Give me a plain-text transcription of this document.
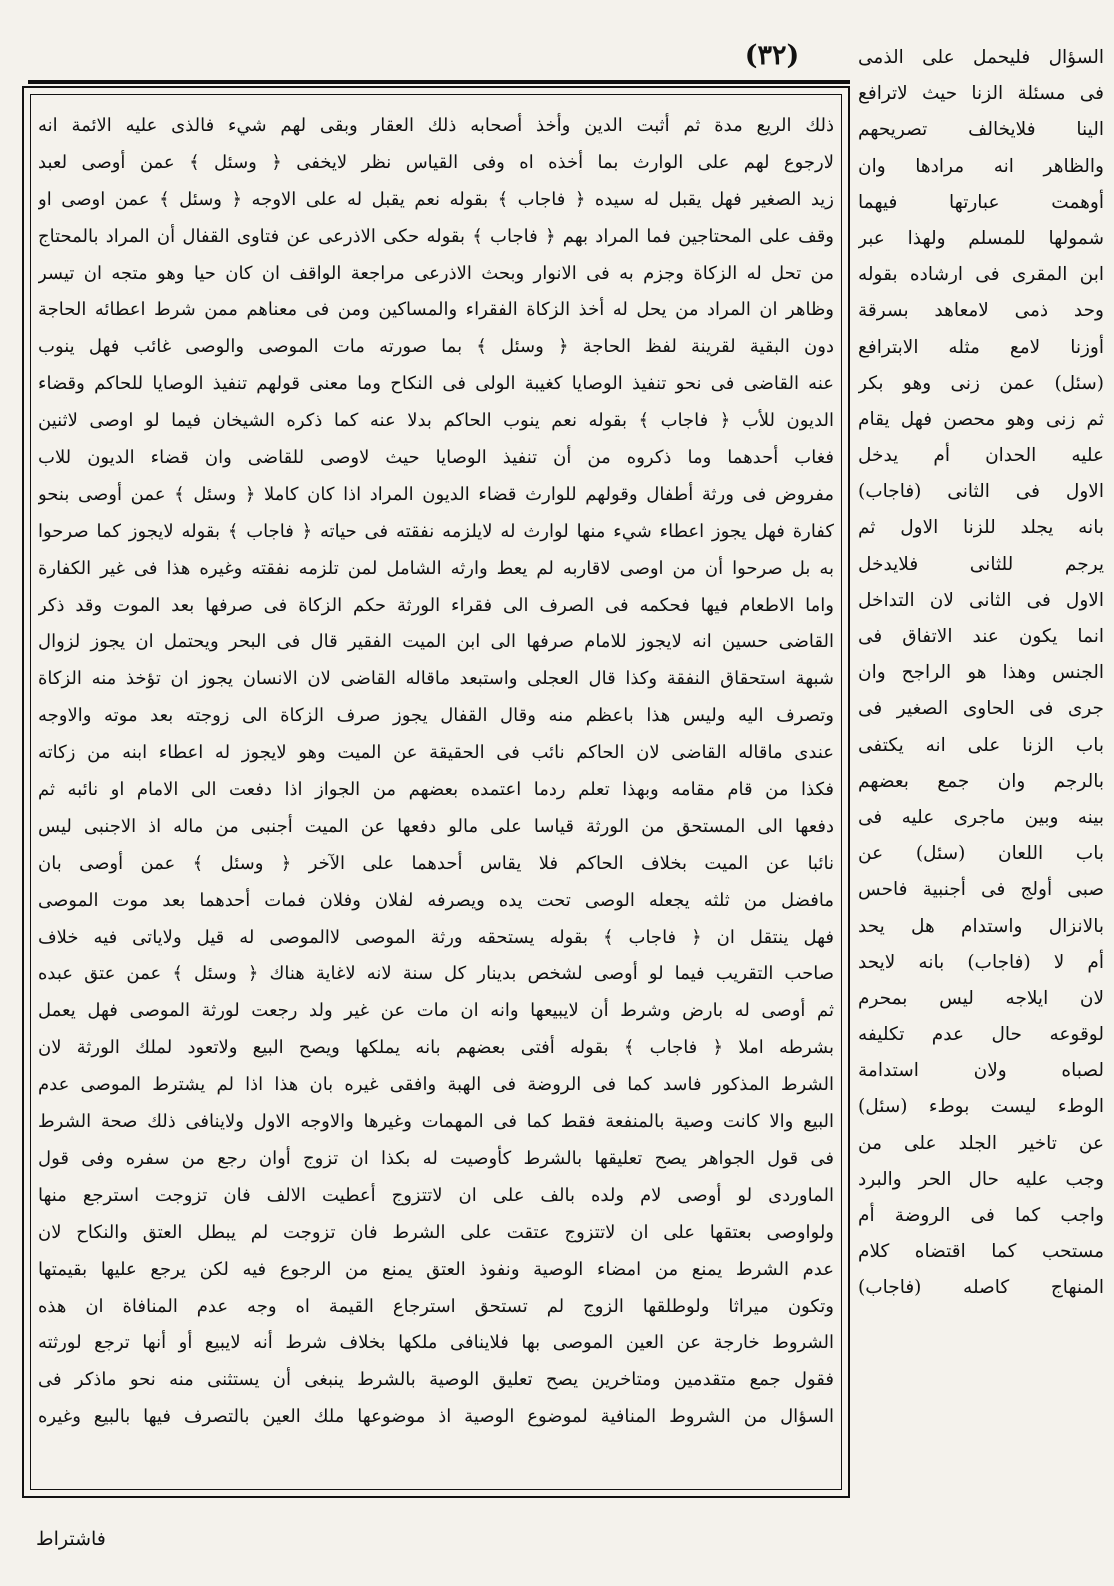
(٣٢)
ذلك الريع مدة ثم أثبت الدين وأخذ أصحابه ذلك العقار وبقى لهم شيء فالذى عليه الائمة انه
لارجوع لهم على الوارث بما أخذه اه وفى القياس نظر لايخفى ﴿ وسئل ﴾ عمن أوصى لعبد
زيد الصغير فهل يقبل له سيده ﴿ فاجاب ﴾ بقوله نعم يقبل له على الاوجه ﴿ وسئل ﴾ عمن اوصى او
وقف على المحتاجين فما المراد بهم ﴿ فاجاب ﴾ بقوله حكى الاذرعى عن فتاوى القفال أن المراد بالمحتاج
من تحل له الزكاة وجزم به فى الانوار وبحث الاذرعى مراجعة الواقف ان كان حيا وهو متجه ان تيسر
وظاهر ان المراد من يحل له أخذ الزكاة الفقراء والمساكين ومن فى معناهم ممن شرط اعطائه الحاجة
دون البقية لقرينة لفظ الحاجة ﴿ وسئل ﴾ بما صورته مات الموصى والوصى غائب فهل ينوب
عنه القاضى فى نحو تنفيذ الوصايا كغيبة الولى فى النكاح وما معنى قولهم تنفيذ الوصايا للحاكم وقضاء
الديون للأب ﴿ فاجاب ﴾ بقوله نعم ينوب الحاكم بدلا عنه كما ذكره الشيخان فيما لو اوصى لاثنين
فغاب أحدهما وما ذكروه من أن تنفيذ الوصايا حيث لاوصى للقاضى وان قضاء الديون للاب
مفروض فى ورثة أطفال وقولهم للوارث قضاء الديون المراد اذا كان كاملا ﴿ وسئل ﴾ عمن أوصى بنحو
كفارة فهل يجوز اعطاء شيء منها لوارث له لايلزمه نفقته فى حياته ﴿ فاجاب ﴾ بقوله لايجوز كما صرحوا
به بل صرحوا أن من اوصى لاقاربه لم يعط وارثه الشامل لمن تلزمه نفقته وغيره هذا فى غير الكفارة
واما الاطعام فيها فحكمه فى الصرف الى فقراء الورثة حكم الزكاة فى صرفها بعد الموت وقد ذكر
القاضى حسين انه لايجوز للامام صرفها الى ابن الميت الفقير قال فى البحر ويحتمل ان يجوز لزوال
شبهة استحقاق النفقة وكذا قال العجلى واستبعد ماقاله القاضى لان الانسان يجوز ان تؤخذ منه الزكاة
وتصرف اليه وليس هذا باعظم منه وقال القفال يجوز صرف الزكاة الى زوجته بعد موته والاوجه
عندى ماقاله القاضى لان الحاكم نائب فى الحقيقة عن الميت وهو لايجوز له اعطاء ابنه من زكاته
فكذا من قام مقامه وبهذا تعلم ردما اعتمده بعضهم من الجواز اذا دفعت الى الامام او نائبه ثم
دفعها الى المستحق من الورثة قياسا على مالو دفعها عن الميت أجنبى من ماله اذ الاجنبى ليس
نائبا عن الميت بخلاف الحاكم فلا يقاس أحدهما على الآخر ﴿ وسئل ﴾ عمن أوصى بان
مافضل من ثلثه يجعله الوصى تحت يده ويصرفه لفلان وفلان فمات أحدهما بعد موت الموصى
فهل ينتقل ان ﴿ فاجاب ﴾ بقوله يستحقه ورثة الموصى لاالموصى له قيل ولاياتى فيه خلاف
صاحب التقريب فيما لو أوصى لشخص بدينار كل سنة لانه لاغاية هناك ﴿ وسئل ﴾ عمن عتق عبده
ثم أوصى له بارض وشرط أن لايبيعها وانه ان مات عن غير ولد رجعت لورثة الموصى فهل يعمل
بشرطه املا ﴿ فاجاب ﴾ بقوله أفتى بعضهم بانه يملكها ويصح البيع ولاتعود لملك الورثة لان
الشرط المذكور فاسد كما فى الروضة فى الهبة وافقى غيره بان هذا اذا لم يشترط الموصى عدم
البيع والا كانت وصية بالمنفعة فقط كما فى المهمات وغيرها والاوجه الاول ولاينافى ذلك صحة الشرط
فى قول الجواهر يصح تعليقها بالشرط كأوصيت له بكذا ان تزوج أوان رجع من سفره وفى قول
الماوردى لو أوصى لام ولده بالف على ان لاتتزوج أعطيت الالف فان تزوجت استرجع منها
ولواوصى بعتقها على ان لاتتزوج عتقت على الشرط فان تزوجت لم يبطل العتق والنكاح لان
عدم الشرط يمنع من امضاء الوصية ونفوذ العتق يمنع من الرجوع فيه لكن يرجع عليها بقيمتها
وتكون ميراثا ولوطلقها الزوج لم تستحق استرجاع القيمة اه وجه عدم المنافاة ان هذه
الشروط خارجة عن العين الموصى بها فلاينافى ملكها بخلاف شرط أنه لايبيع أو أنها ترجع لورثته
فقول جمع متقدمين ومتاخرين يصح تعليق الوصية بالشرط ينبغى أن يستثنى منه نحو ماذكر فى
السؤال من الشروط المنافية لموضوع الوصية اذ موضوعها ملك العين بالتصرف فيها بالبيع وغيره
السؤال فليحمل على الذمى
فى مسئلة الزنا حيث لاترافع
الينا فلايخالف تصريحهم
والظاهر انه مرادها وان
أوهمت عبارتها فيهما
شمولها للمسلم ولهذا عبر
ابن المقرى فى ارشاده بقوله
وحد ذمى لامعاهد بسرقة
أوزنا لامع مثله الابترافع
(سئل) عمن زنى وهو بكر
ثم زنى وهو محصن فهل يقام
عليه الحدان أم يدخل
الاول فى الثانى (فاجاب)
بانه يجلد للزنا الاول ثم
يرجم للثانى فلايدخل
الاول فى الثانى لان التداخل
انما يكون عند الاتفاق فى
الجنس وهذا هو الراجح وان
جرى فى الحاوى الصغير فى
باب الزنا على انه يكتفى
بالرجم وان جمع بعضهم
بينه وبين ماجرى عليه فى
باب اللعان (سئل) عن
صبى أولج فى أجنبية فاحس
بالانزال واستدام هل يحد
أم لا (فاجاب) بانه لايحد
لان ايلاجه ليس بمحرم
لوقوعه حال عدم تكليفه
لصباه ولان استدامة
الوطء ليست بوطء (سئل)
عن تاخير الجلد على من
وجب عليه حال الحر والبرد
واجب كما فى الروضة أم
مستحب كما اقتضاه كلام
المنهاج كاصله (فاجاب)
فاشتراط
